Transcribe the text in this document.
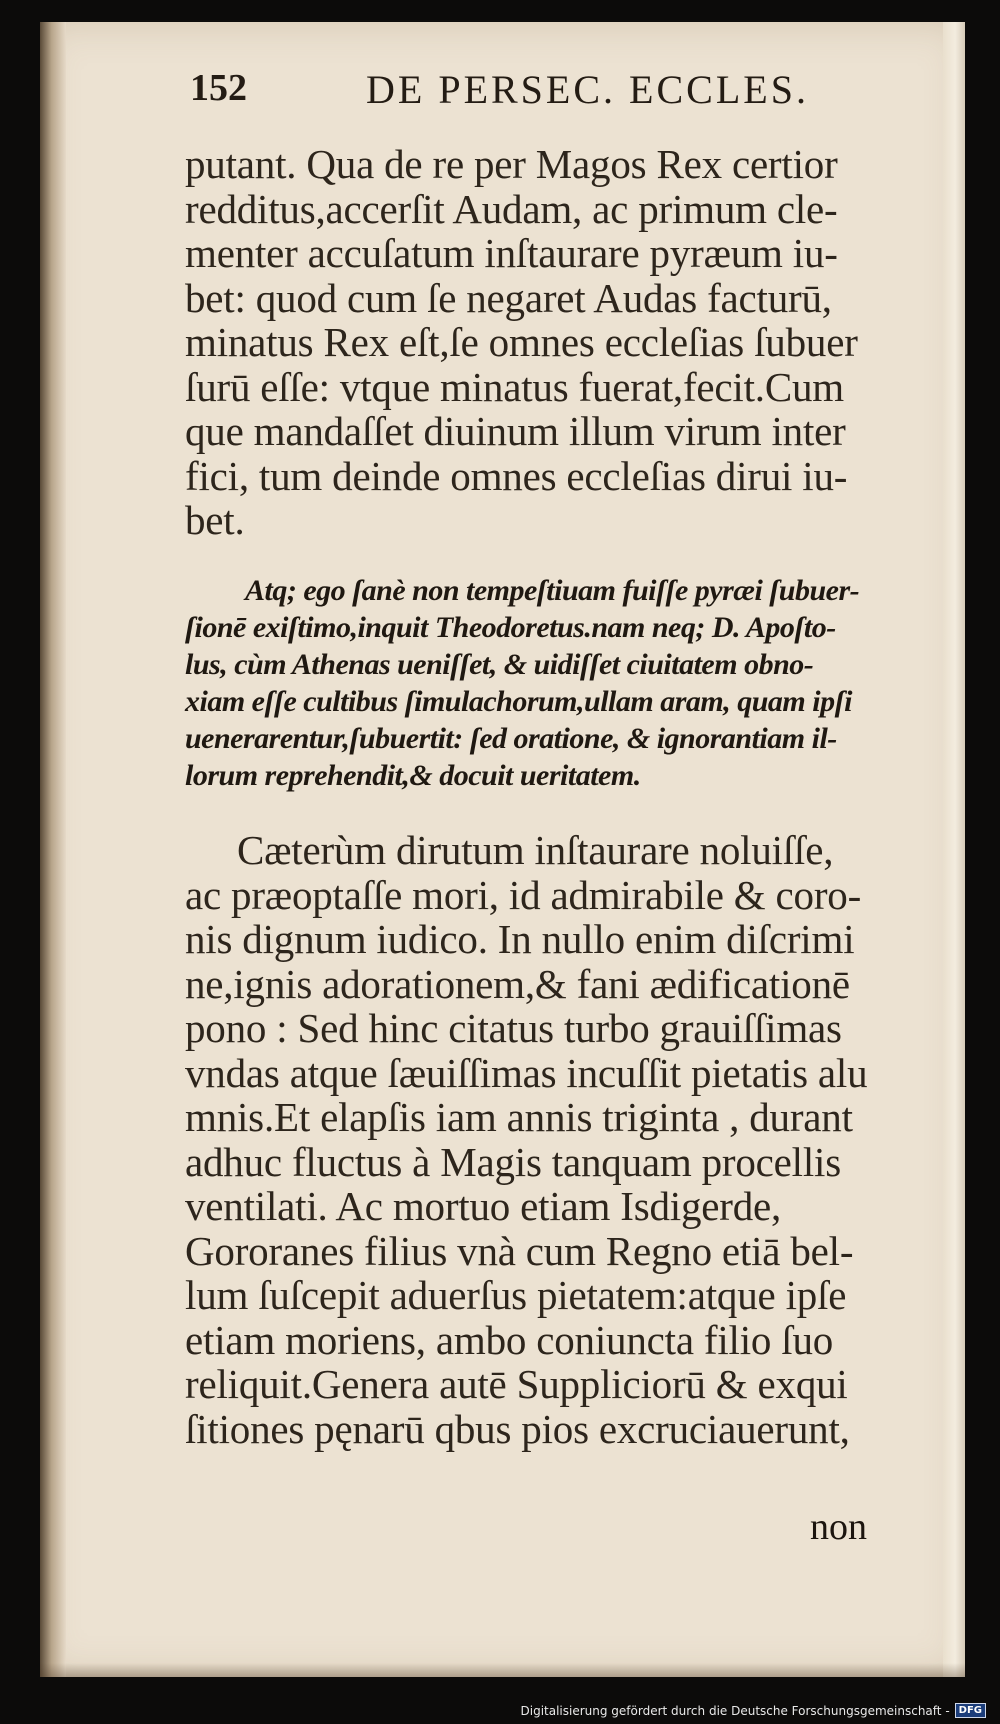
152	DE PERSEC. ECCLES.
putant. Qua de re per Magos Rex certior
redditus,accerſit Audam, ac primum cle-
menter accuſatum inſtaurare pyræum iu-
bet: quod cum ſe negaret Audas facturū,
minatus Rex eſt,ſe omnes eccleſias ſubuer
ſurū eſſe: vtque minatus fuerat,fecit.Cum
que mandaſſet diuinum illum virum inter
fici, tum deinde omnes eccleſias dirui iu-
bet.
Atq; ego ſanè non tempeſtiuam fuiſſe pyræi ſubuer-
ſionē exiſtimo,inquit Theodoretus.nam neq; D. Apoſto-
lus, cùm Athenas ueniſſet, & uidiſſet ciuitatem obno-
xiam eſſe cultibus ſimulachorum,ullam aram, quam ipſi
uenerarentur,ſubuertit: ſed oratione, & ignorantiam il-
lorum reprehendit,& docuit ueritatem.
Cæterùm dirutum inſtaurare noluiſſe,
ac præoptaſſe mori, id admirabile & coro-
nis dignum iudico. In nullo enim diſcrimi
ne,ignis adorationem,& fani ædificationē
pono : Sed hinc citatus turbo grauiſſimas
vndas atque ſæuiſſimas incuſſit pietatis alu
mnis.Et elapſis iam annis triginta , durant
adhuc fluctus à Magis tanquam procellis
ventilati. Ac mortuo etiam Isdigerde,
Gororanes filius vnà cum Regno etiā bel-
lum ſuſcepit aduerſus pietatem:atque ipſe
etiam moriens, ambo coniuncta filio ſuo
reliquit.Genera autē Suppliciorū & exqui
ſitiones pęnarū qbus pios excruciauerunt,
non
Digitalisierung gefördert durch die Deutsche Forschungsgemeinschaft - DFG
